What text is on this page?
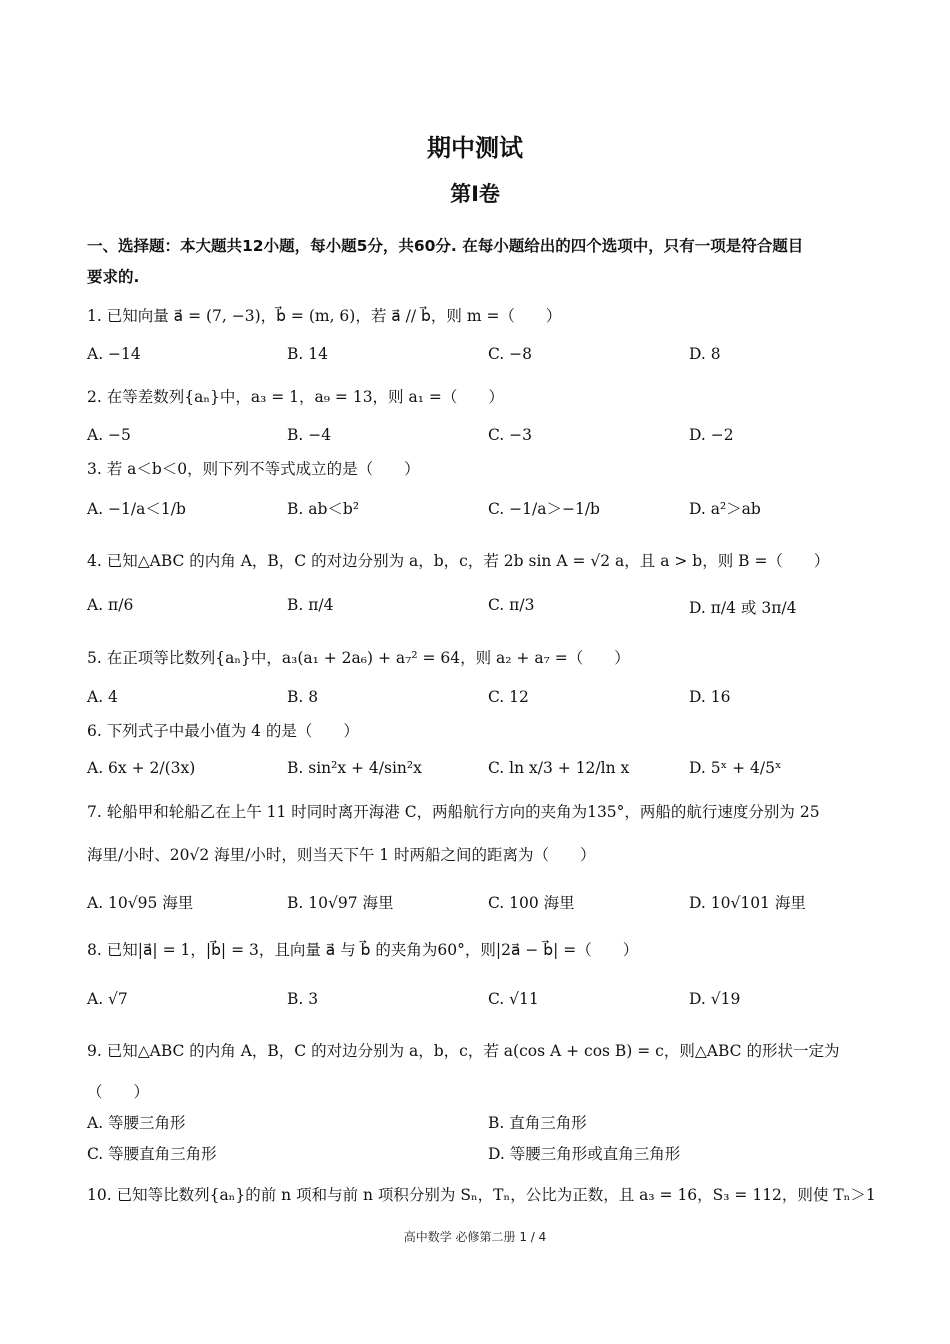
期中测试
第Ⅰ卷
一、选择题：本大题共12小题，每小题5分，共60分. 在每小题给出的四个选项中，只有一项是符合题目
要求的.
1. 已知向量 a⃗ = (7, −3)，b⃗ = (m, 6)，若 a⃗ // b⃗，则 m =（　　）
A. −14	B. 14	C. −8	D. 8
2. 在等差数列{aₙ}中，a₃ = 1，a₉ = 13，则 a₁ =（　　）
A. −5	B. −4	C. −3	D. −2
3. 若 a＜b＜0，则下列不等式成立的是（　　）
A. −1/a＜1/b	B. ab＜b²	C. −1/a＞−1/b	D. a²＞ab
4. 已知△ABC 的内角 A，B，C 的对边分别为 a，b，c，若 2b sin A = √2 a，且 a > b，则 B =（　　）
A. π/6	B. π/4	C. π/3	D. π/4 或 3π/4
5. 在正项等比数列{aₙ}中，a₃(a₁ + 2a₆) + a₇² = 64，则 a₂ + a₇ =（　　）
A. 4	B. 8	C. 12	D. 16
6. 下列式子中最小值为 4 的是（　　）
A. 6x + 2/(3x)	B. sin²x + 4/sin²x	C. ln x/3 + 12/ln x	D. 5ˣ + 4/5ˣ
7. 轮船甲和轮船乙在上午 11 时同时离开海港 C，两船航行方向的夹角为135°，两船的航行速度分别为 25
海里/小时、20√2 海里/小时，则当天下午 1 时两船之间的距离为（　　）
A. 10√95 海里	B. 10√97 海里	C. 100 海里	D. 10√101 海里
8. 已知|a⃗| = 1，|b⃗| = 3，且向量 a⃗ 与 b⃗ 的夹角为60°，则|2a⃗ − b⃗| =（　　）
A. √7	B. 3	C. √11	D. √19
9. 已知△ABC 的内角 A，B，C 的对边分别为 a，b，c，若 a(cos A + cos B) = c，则△ABC 的形状一定为
（　　）
A. 等腰三角形	B. 直角三角形
C. 等腰直角三角形	D. 等腰三角形或直角三角形
10. 已知等比数列{aₙ}的前 n 项和与前 n 项积分别为 Sₙ，Tₙ，公比为正数，且 a₃ = 16，S₃ = 112，则使 Tₙ＞1
高中数学 必修第二册 1 / 4
